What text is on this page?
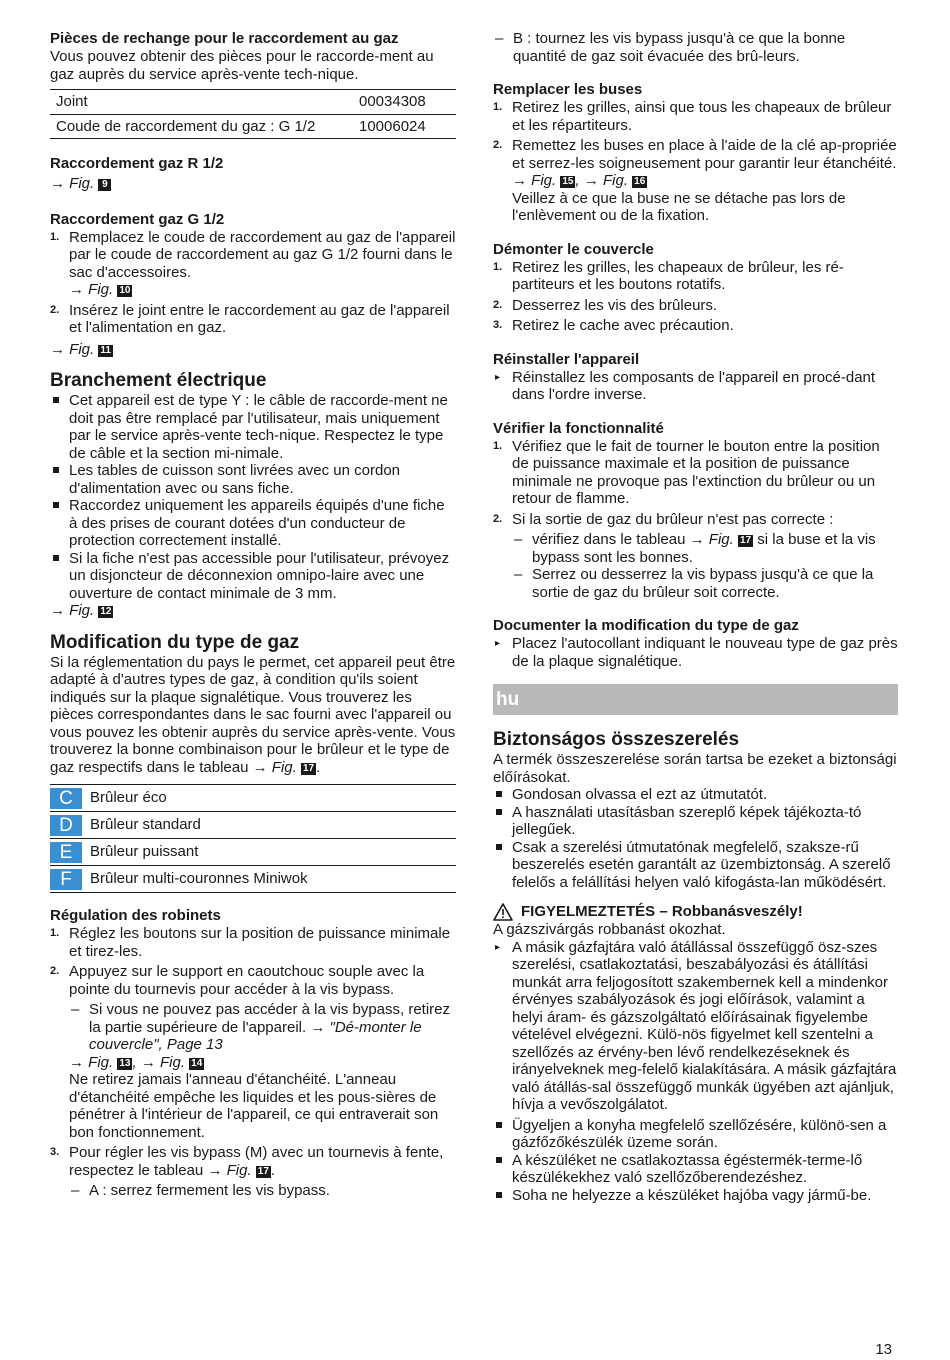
Pièces de rechange pour le raccordement au gaz

Vous pouvez obtenir des pièces pour le raccorde-ment au gaz auprès du service après-vente tech-nique.

Joint	00034308
Coude de raccordement du gaz : G 1/2	10006024
Raccordement gaz R 1/2

→ Fig. 9

Raccordement gaz G 1/2
1. Remplacez le coude de raccordement au gaz de l'appareil par le coude de raccordement au gaz G 1/2 fourni dans le sac d'accessoires.
→ Fig. 10
2. Insérez le joint entre le raccordement au gaz de l'appareil et l'alimentation en gaz.

→ Fig. 11

Branchement électrique
Cet appareil est de type Y : le câble de raccorde-ment ne doit pas être remplacé par l'utilisateur, mais uniquement par le service après-vente tech-nique. Respectez le type de câble et la section mi-nimale.
Les tables de cuisson sont livrées avec un cordon d'alimentation avec ou sans fiche.
Raccordez uniquement les appareils équipés d'une fiche à des prises de courant dotées d'un conducteur de protection correctement installé.
Si la fiche n'est pas accessible pour l'utilisateur, prévoyez un disjoncteur de déconnexion omnipo-laire avec une ouverture de contact minimale de 3 mm.

→ Fig. 12

Modification du type de gaz

Si la réglementation du pays le permet, cet appareil peut être adapté à d'autres types de gaz, à condition qu'ils soient indiqués sur la plaque signalétique. Vous trouverez les pièces correspondantes dans le sac fourni avec l'appareil ou vous pouvez les obtenir auprès du service après-vente. Vous trouverez la bonne combinaison pour le brûleur et le type de gaz respectifs dans le tableau → Fig. 17 .

C	Brûleur éco
D	Brûleur standard
E	Brûleur puissant
F	Brûleur multi-couronnes Miniwok
Régulation des robinets
1. Réglez les boutons sur la position de puissance minimale et tirez-les.
2. Appuyez sur le support en caoutchouc souple avec la pointe du tournevis pour accéder à la vis bypass.
– Si vous ne pouvez pas accéder à la vis bypass, retirez la partie supérieure de l'appareil. → "Dé-monter le couvercle", Page 13
→ Fig. 13 , → Fig. 14
Ne retirez jamais l'anneau d'étanchéité. L'anneau d'étanchéité empêche les liquides et les pous-sières de pénétrer à l'intérieur de l'appareil, ce qui entraverait son bon fonctionnement.
3. Pour régler les vis bypass (M) avec un tournevis à fente, respectez le tableau → Fig. 17 .
– A : serrez fermement les vis bypass.
– B : tournez les vis bypass jusqu'à ce que la bonne quantité de gaz soit évacuée des brû-leurs.
Remplacer les buses
1. Retirez les grilles, ainsi que tous les chapeaux de brûleur et les répartiteurs.
2. Remettez les buses en place à l'aide de la clé ap-propriée et serrez-les soigneusement pour garantir leur étanchéité.
→ Fig. 15 , → Fig. 16
Veillez à ce que la buse ne se détache pas lors de l'enlèvement ou de la fixation.
Démonter le couvercle
1. Retirez les grilles, les chapeaux de brûleur, les ré-partiteurs et les boutons rotatifs.
2. Desserrez les vis des brûleurs.
3. Retirez le cache avec précaution.
Réinstaller l'appareil
▸ Réinstallez les composants de l'appareil en procé-dant dans l'ordre inverse.
Vérifier la fonctionnalité
1. Vérifiez que le fait de tourner le bouton entre la position de puissance maximale et la position de puissance minimale ne provoque pas l'extinction du brûleur ou un retour de flamme.
2. Si la sortie de gaz du brûleur n'est pas correcte :
– vérifiez dans le tableau → Fig. 17 si la buse et la vis bypass sont les bonnes.
– Serrez ou desserrez la vis bypass jusqu'à ce que la sortie de gaz du brûleur soit correcte.
Documenter la modification du type de gaz
▸ Placez l'autocollant indiquant le nouveau type de gaz près de la plaque signalétique.
hu
Biztonságos összeszerelés

A termék összeszerelése során tartsa be ezeket a biztonsági előírásokat.

Gondosan olvassa el ezt az útmutatót.
A használati utasításban szereplő képek tájékozta-tó jellegűek.
Csak a szerelési útmutatónak megfelelő, szaksze-rű beszerelés esetén garantált az üzembiztonság. A szerelő felelős a felállítási helyen való kifogásta-lan működésért.
FIGYELMEZTETÉS – Robbanásveszély!

A gázszivárgás robbanást okozhat.

▸ A másik gázfajtára való átállással összefüggő ösz-szes szerelési, csatlakoztatási, beszabályozási és átállítási munkát arra feljogosított szakembernek kell a mindenkor érvényes szabályozások és jogi előírások, valamint a helyi áram- és gázszolgáltató előírásainak figyelembe vételével elvégezni. Külö-nös figyelmet kell szentelni a szellőzés az érvény-ben lévő rendelkezéseknek és irányelveknek meg-felelő kialakítására. A másik gázfajtára való átállás-sal összefüggő munkák ügyében azt ajánljuk, hívja a vevőszolgálatot.
Ügyeljen a konyha megfelelő szellőzésére, különö-sen a gázfőzőkészülék üzeme során.
A készüléket ne csatlakoztassa égéstermék-terme-lő készülékekhez való szellőzőberendezéshez.
Soha ne helyezze a készüléket hajóba vagy jármű-be.
13
